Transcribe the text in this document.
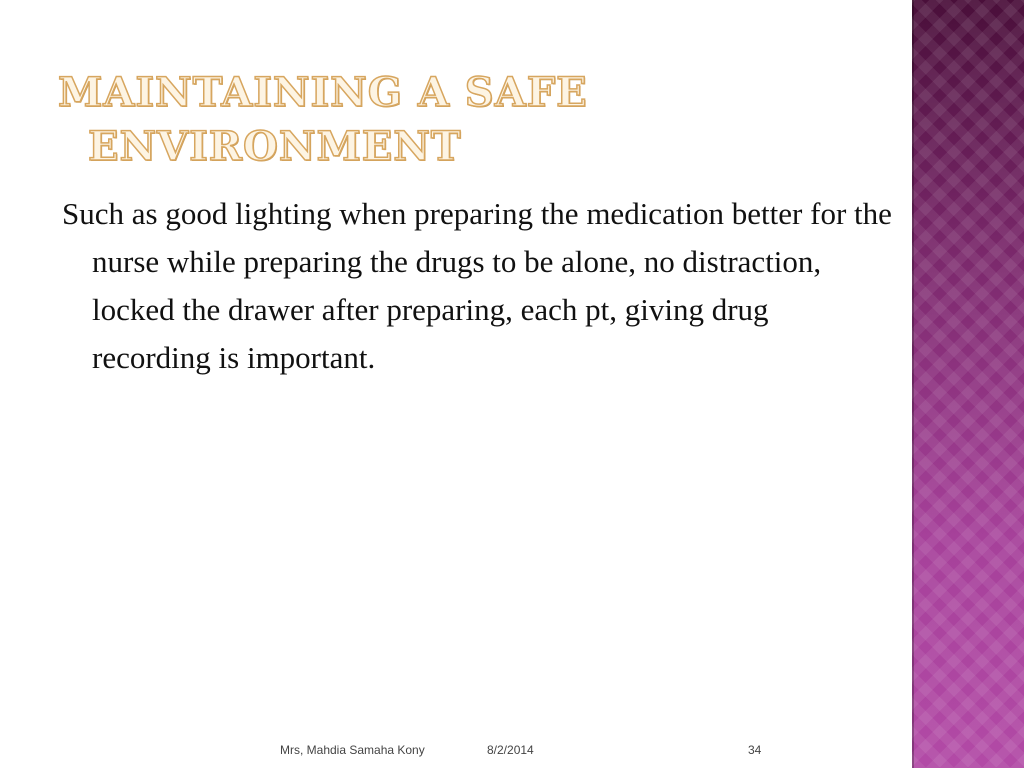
MAINTAINING A SAFE
ENVIRONMENT

Such as good lighting when preparing the medication better for the nurse while preparing the drugs to be alone, no distraction, locked the drawer after preparing, each pt, giving drug recording is important.

Mrs, Mahdia Samaha Kony	8/2/2014	34
